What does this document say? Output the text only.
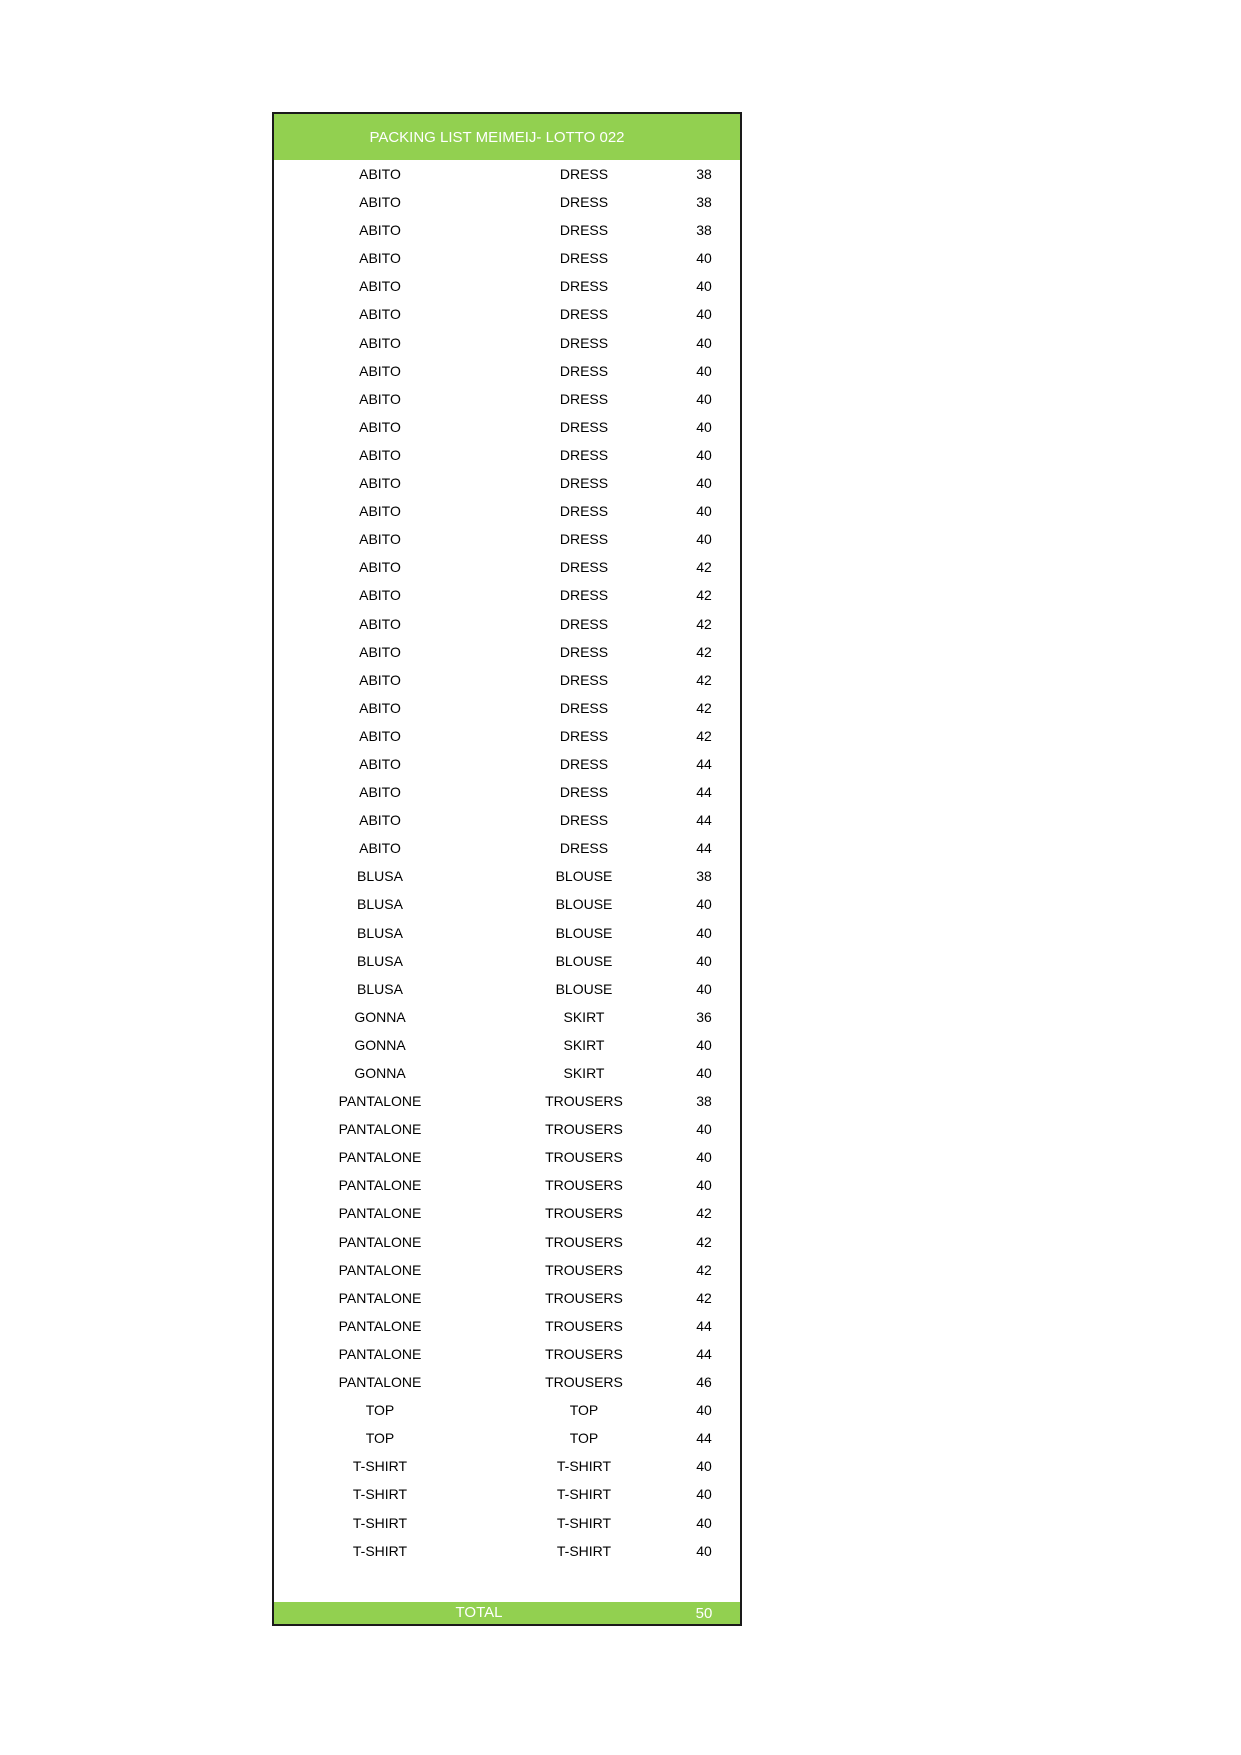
PACKING LIST MEIMEIJ- LOTTO 022
ABITO	DRESS	38
ABITO	DRESS	38
ABITO	DRESS	38
ABITO	DRESS	40
ABITO	DRESS	40
ABITO	DRESS	40
ABITO	DRESS	40
ABITO	DRESS	40
ABITO	DRESS	40
ABITO	DRESS	40
ABITO	DRESS	40
ABITO	DRESS	40
ABITO	DRESS	40
ABITO	DRESS	40
ABITO	DRESS	42
ABITO	DRESS	42
ABITO	DRESS	42
ABITO	DRESS	42
ABITO	DRESS	42
ABITO	DRESS	42
ABITO	DRESS	42
ABITO	DRESS	44
ABITO	DRESS	44
ABITO	DRESS	44
ABITO	DRESS	44
BLUSA	BLOUSE	38
BLUSA	BLOUSE	40
BLUSA	BLOUSE	40
BLUSA	BLOUSE	40
BLUSA	BLOUSE	40
GONNA	SKIRT	36
GONNA	SKIRT	40
GONNA	SKIRT	40
PANTALONE	TROUSERS	38
PANTALONE	TROUSERS	40
PANTALONE	TROUSERS	40
PANTALONE	TROUSERS	40
PANTALONE	TROUSERS	42
PANTALONE	TROUSERS	42
PANTALONE	TROUSERS	42
PANTALONE	TROUSERS	42
PANTALONE	TROUSERS	44
PANTALONE	TROUSERS	44
PANTALONE	TROUSERS	46
TOP	TOP	40
TOP	TOP	44
T-SHIRT	T-SHIRT	40
T-SHIRT	T-SHIRT	40
T-SHIRT	T-SHIRT	40
T-SHIRT	T-SHIRT	40
TOTAL	50
